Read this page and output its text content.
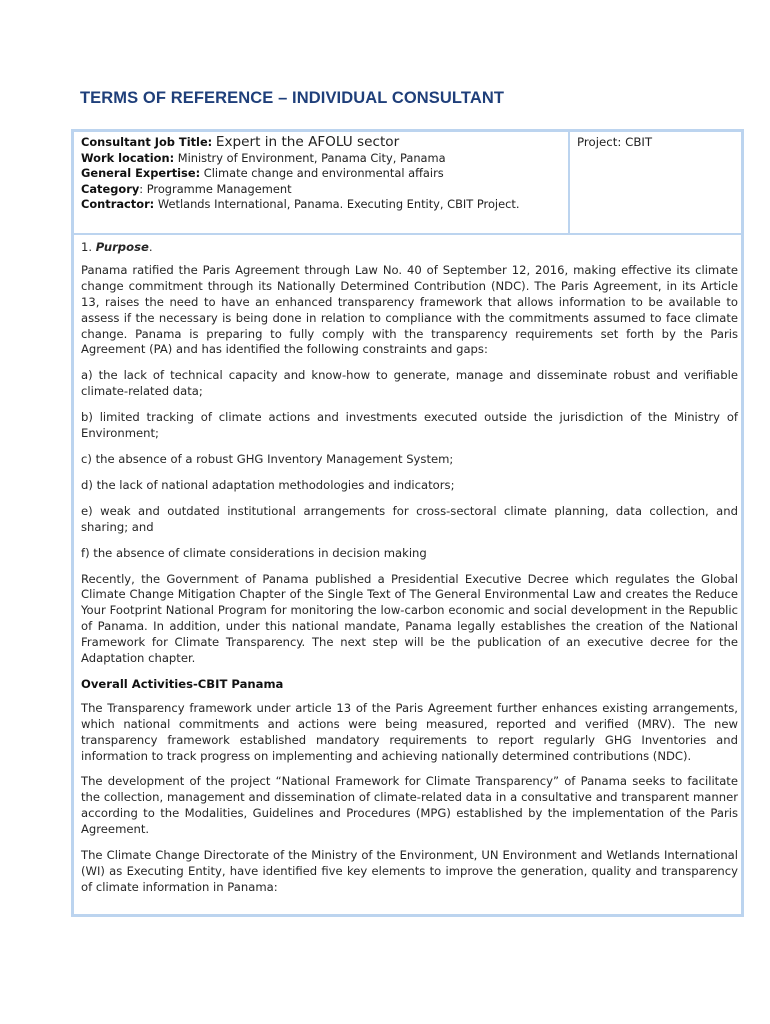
TERMS OF REFERENCE – INDIVIDUAL CONSULTANT
Consultant Job Title: Expert in the AFOLU sector
Work location: Ministry of Environment, Panama City, Panama
General Expertise: Climate change and environmental affairs
Category: Programme Management
Contractor: Wetlands International, Panama. Executing Entity, CBIT Project.
Project: CBIT

1. Purpose.

Panama ratified the Paris Agreement through Law No. 40 of September 12, 2016, making effective its climate change commitment through its Nationally Determined Contribution (NDC). The Paris Agreement, in its Article 13, raises the need to have an enhanced transparency framework that allows information to be available to assess if the necessary is being done in relation to compliance with the commitments assumed to face climate change. Panama is preparing to fully comply with the transparency requirements set forth by the Paris Agreement (PA) and has identified the following constraints and gaps:

a) the lack of technical capacity and know-how to generate, manage and disseminate robust and verifiable climate-related data;

b) limited tracking of climate actions and investments executed outside the jurisdiction of the Ministry of Environment;

c) the absence of a robust GHG Inventory Management System;

d) the lack of national adaptation methodologies and indicators;

e) weak and outdated institutional arrangements for cross-sectoral climate planning, data collection, and sharing; and

f) the absence of climate considerations in decision making

Recently, the Government of Panama published a Presidential Executive Decree which regulates the Global Climate Change Mitigation Chapter of the Single Text of The General Environmental Law and creates the Reduce Your Footprint National Program for monitoring the low-carbon economic and social development in the Republic of Panama. In addition, under this national mandate, Panama legally establishes the creation of the National Framework for Climate Transparency. The next step will be the publication of an executive decree for the Adaptation chapter.

Overall Activities-CBIT Panama

The Transparency framework under article 13 of the Paris Agreement further enhances existing arrangements, which national commitments and actions were being measured, reported and verified (MRV). The new transparency framework established mandatory requirements to report regularly GHG Inventories and information to track progress on implementing and achieving nationally determined contributions (NDC).

The development of the project “National Framework for Climate Transparency” of Panama seeks to facilitate the collection, management and dissemination of climate-related data in a consultative and transparent manner according to the Modalities, Guidelines and Procedures (MPG) established by the implementation of the Paris Agreement.

The Climate Change Directorate of the Ministry of the Environment, UN Environment and Wetlands International (WI) as Executing Entity, have identified five key elements to improve the generation, quality and transparency of climate information in Panama:
